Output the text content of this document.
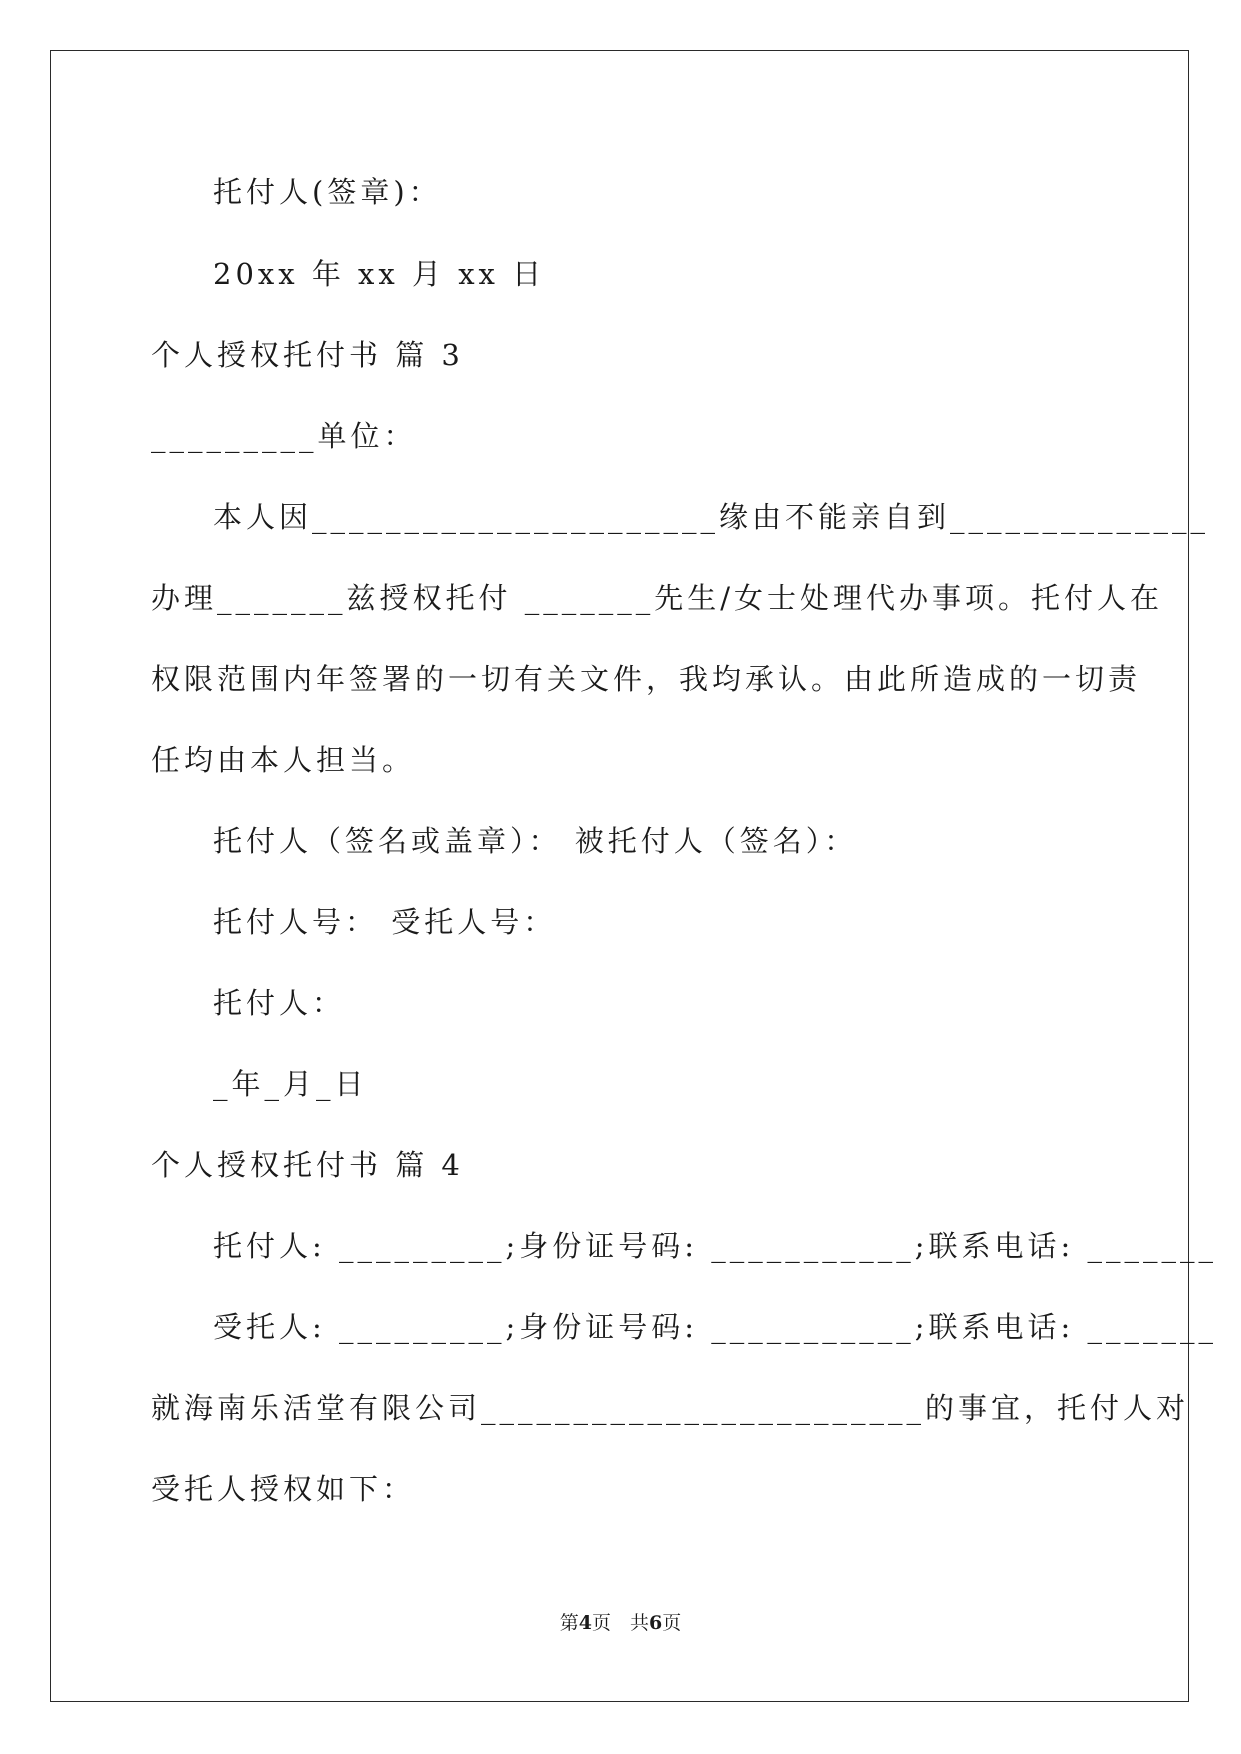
托付人(签章)：
20xx 年 xx 月 xx 日
个人授权托付书 篇 3
_________单位：
本人因______________________缘由不能亲自到______________
办理_______兹授权托付 _______先生/女士处理代办事项。托付人在
权限范围内年签署的一切有关文件，我均承认。由此所造成的一切责
任均由本人担当。
托付人（签名或盖章）： 被托付人（签名）：
托付人号： 受托人号：
托付人：
_年_月_日
个人授权托付书 篇 4
托付人: _________;身份证号码: ___________;联系电话: _______
受托人: _________;身份证号码: ___________;联系电话: _______
就海南乐活堂有限公司________________________的事宜，托付人对
受托人授权如下：
第4页　共6页
